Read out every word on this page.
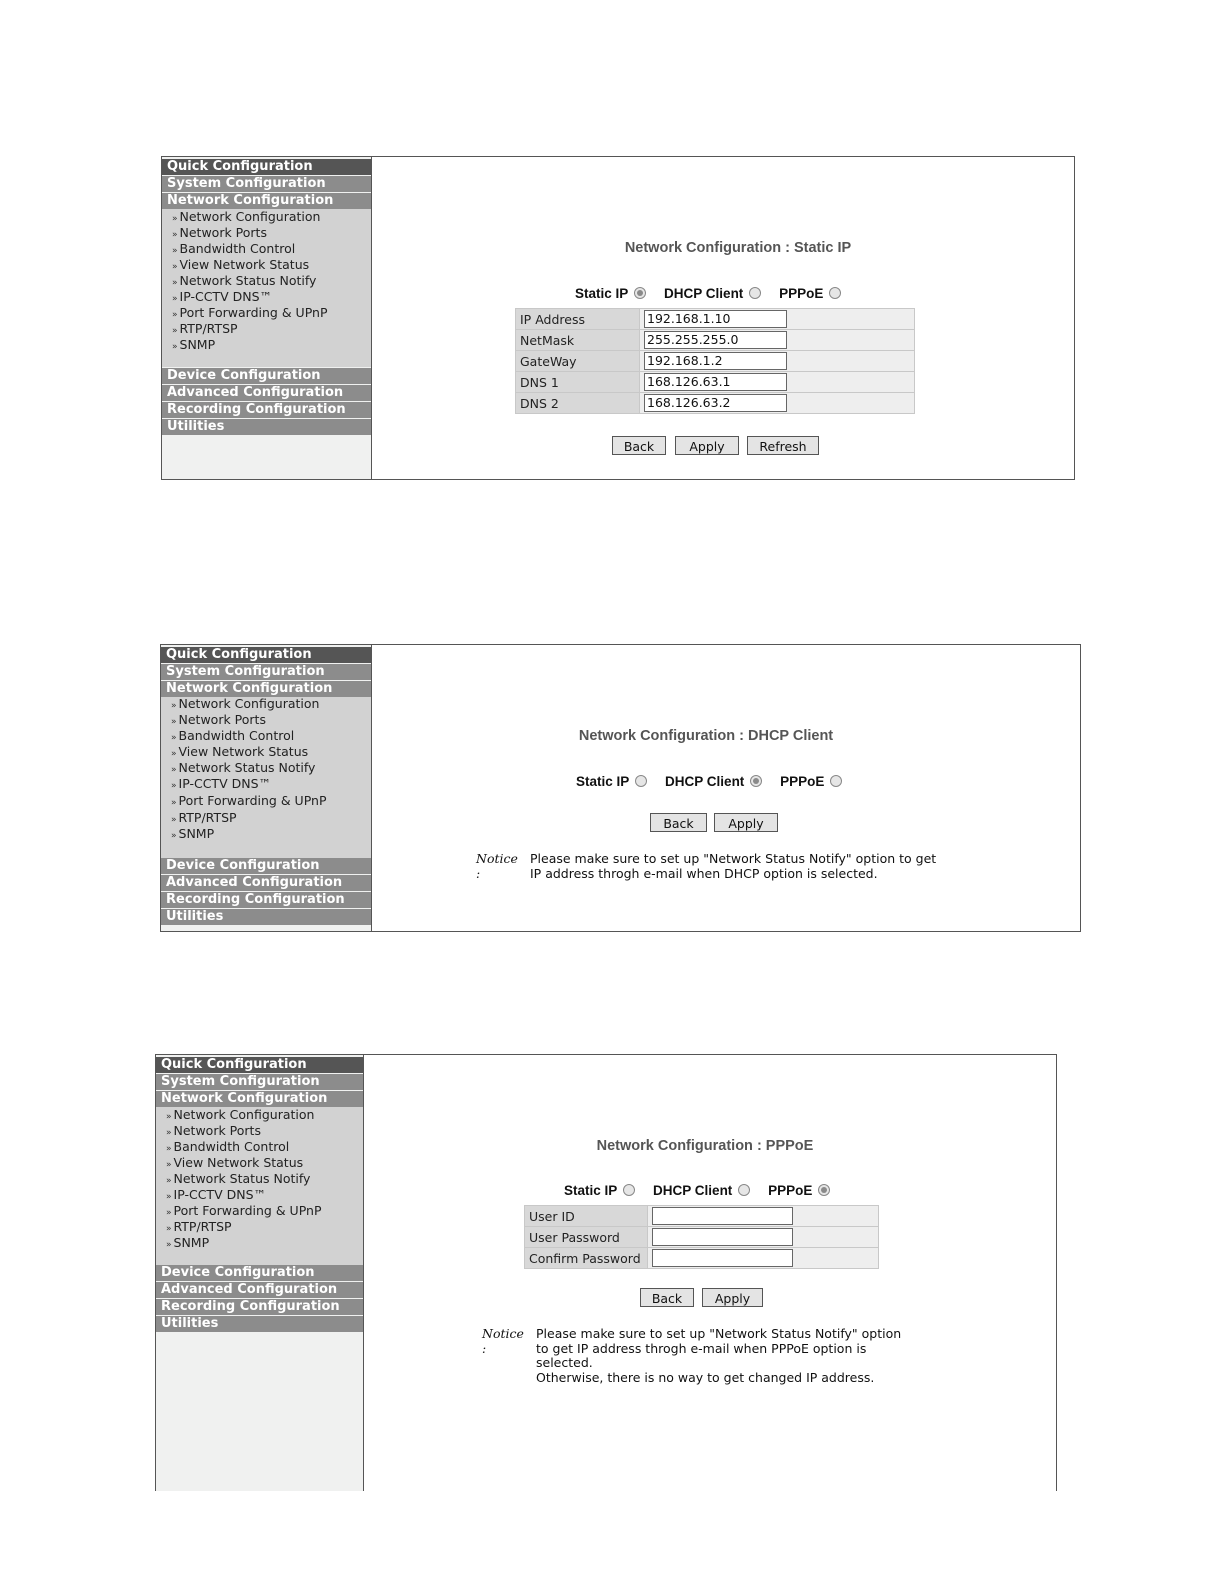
Quick Configuration
System Configuration
Network Configuration
» Network Configuration
» Network Ports
» Bandwidth Control
» View Network Status
» Network Status Notify
» IP-CCTV DNS™
» Port Forwarding & UPnP
» RTP/RTSP
» SNMP
Device Configuration
Advanced Configuration
Recording Configuration
Utilities
Network Configuration : Static IP
Static IP	DHCP Client	PPPoE
IP Address	192.168.1.10
NetMask	255.255.255.0
GateWay	192.168.1.2
DNS 1	168.126.63.1
DNS 2	168.126.63.2
Back	Apply	Refresh
Quick Configuration
System Configuration
Network Configuration
» Network Configuration
» Network Ports
» Bandwidth Control
» View Network Status
» Network Status Notify
» IP-CCTV DNS™
» Port Forwarding & UPnP
» RTP/RTSP
» SNMP
Device Configuration
Advanced Configuration
Recording Configuration
Utilities
Network Configuration : DHCP Client
Static IP	DHCP Client	PPPoE
Back	Apply
Notice :
Please make sure to set up "Network Status Notify" option to get
IP address throgh e-mail when DHCP option is selected.
Quick Configuration
System Configuration
Network Configuration
» Network Configuration
» Network Ports
» Bandwidth Control
» View Network Status
» Network Status Notify
» IP-CCTV DNS™
» Port Forwarding & UPnP
» RTP/RTSP
» SNMP
Device Configuration
Advanced Configuration
Recording Configuration
Utilities
Network Configuration : PPPoE
Static IP	DHCP Client	PPPoE
User ID	
User Password	
Confirm Password	
Back	Apply
Notice :
Please make sure to set up "Network Status Notify" option
to get IP address throgh e-mail when PPPoE option is
selected.
Otherwise, there is no way to get changed IP address.
